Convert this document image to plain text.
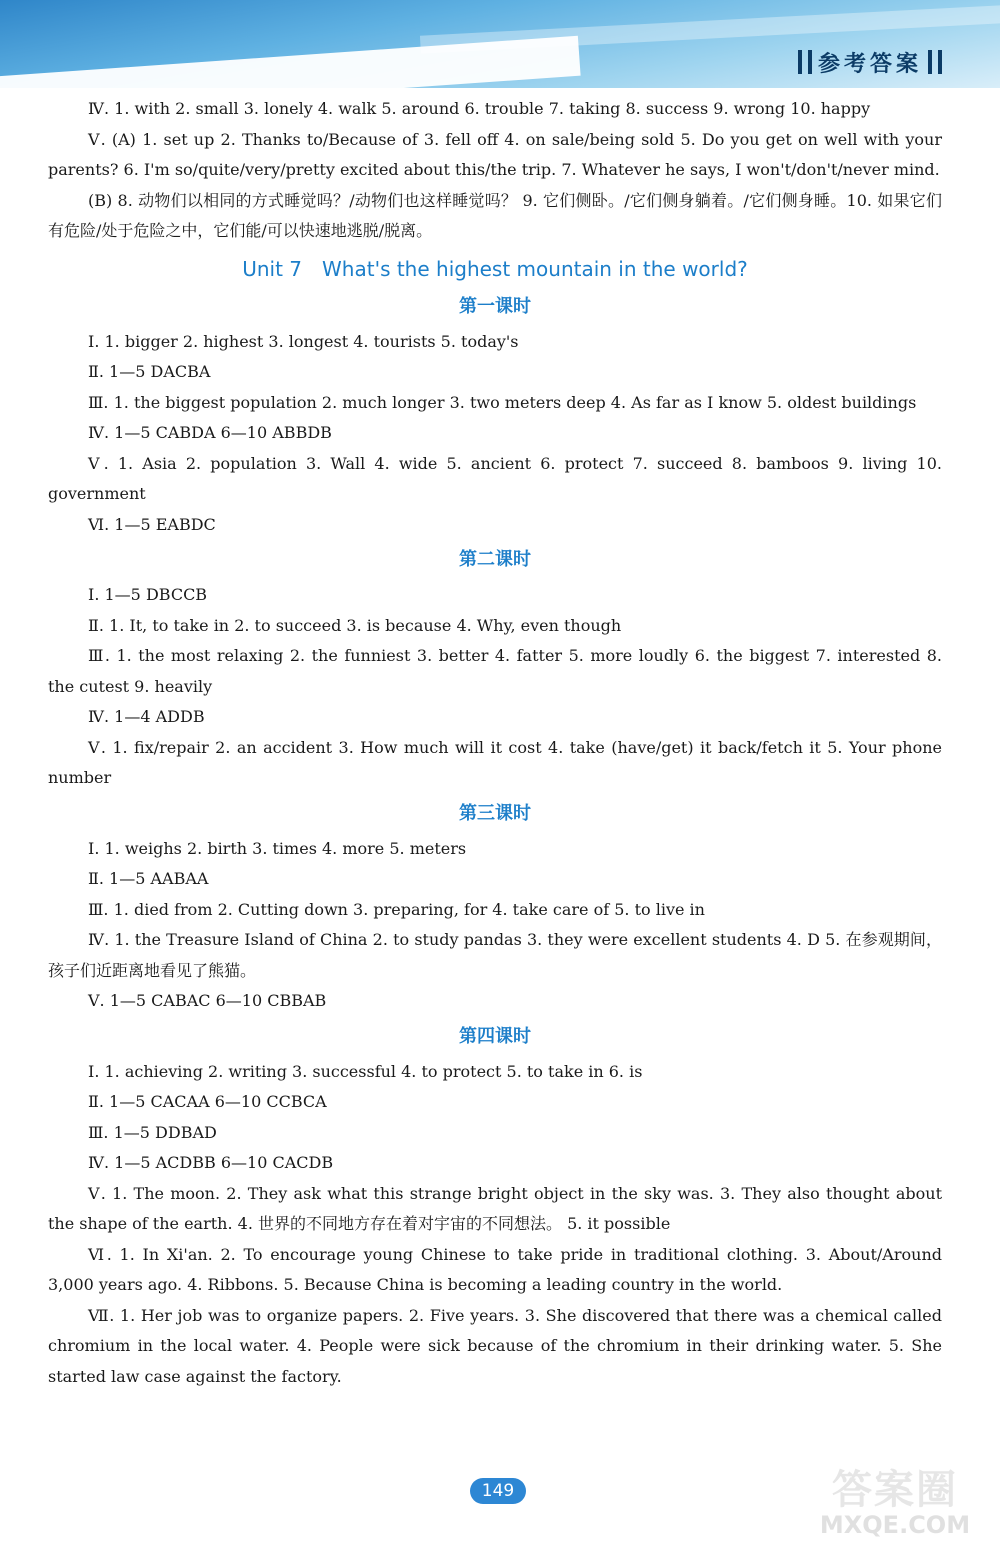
参考答案
Ⅳ. 1. with 2. small 3. lonely 4. walk 5. around 6. trouble 7. taking 8. success 9. wrong 10. happy
Ⅴ. (A) 1. set up 2. Thanks to/Because of 3. fell off 4. on sale/being sold 5. Do you get on well with your parents? 6. I'm so/quite/very/pretty excited about this/the trip. 7. Whatever he says, I won't/don't/never mind.
(B) 8. 动物们以相同的方式睡觉吗？/动物们也这样睡觉吗？ 9. 它们侧卧。/它们侧身躺着。/它们侧身睡。10. 如果它们有危险/处于危险之中，它们能/可以快速地逃脱/脱离。
Unit 7 What's the highest mountain in the world?
第一课时
Ⅰ. 1. bigger 2. highest 3. longest 4. tourists 5. today's
Ⅱ. 1—5 DACBA
Ⅲ. 1. the biggest population 2. much longer 3. two meters deep 4. As far as I know 5. oldest buildings
Ⅳ. 1—5 CABDA 6—10 ABBDB
Ⅴ. 1. Asia 2. population 3. Wall 4. wide 5. ancient 6. protect 7. succeed 8. bamboos 9. living 10. government
Ⅵ. 1—5 EABDC
第二课时
Ⅰ. 1—5 DBCCB
Ⅱ. 1. It, to take in 2. to succeed 3. is because 4. Why, even though
Ⅲ. 1. the most relaxing 2. the funniest 3. better 4. fatter 5. more loudly 6. the biggest 7. interested 8. the cutest 9. heavily
Ⅳ. 1—4 ADDB
Ⅴ. 1. fix/repair 2. an accident 3. How much will it cost 4. take (have/get) it back/fetch it 5. Your phone number
第三课时
Ⅰ. 1. weighs 2. birth 3. times 4. more 5. meters
Ⅱ. 1—5 AABAA
Ⅲ. 1. died from 2. Cutting down 3. preparing, for 4. take care of 5. to live in
Ⅳ. 1. the Treasure Island of China 2. to study pandas 3. they were excellent students 4. D 5. 在参观期间，孩子们近距离地看见了熊猫。
Ⅴ. 1—5 CABAC 6—10 CBBAB
第四课时
Ⅰ. 1. achieving 2. writing 3. successful 4. to protect 5. to take in 6. is
Ⅱ. 1—5 CACAA 6—10 CCBCA
Ⅲ. 1—5 DDBAD
Ⅳ. 1—5 ACDBB 6—10 CACDB
Ⅴ. 1. The moon. 2. They ask what this strange bright object in the sky was. 3. They also thought about the shape of the earth. 4. 世界的不同地方存在着对宇宙的不同想法。 5. it possible
Ⅵ. 1. In Xi'an. 2. To encourage young Chinese to take pride in traditional clothing. 3. About/Around 3,000 years ago. 4. Ribbons. 5. Because China is becoming a leading country in the world.
Ⅶ. 1. Her job was to organize papers. 2. Five years. 3. She discovered that there was a chemical called chromium in the local water. 4. People were sick because of the chromium in their drinking water. 5. She started law case against the factory.
149	答案圈
MXQE.COM
